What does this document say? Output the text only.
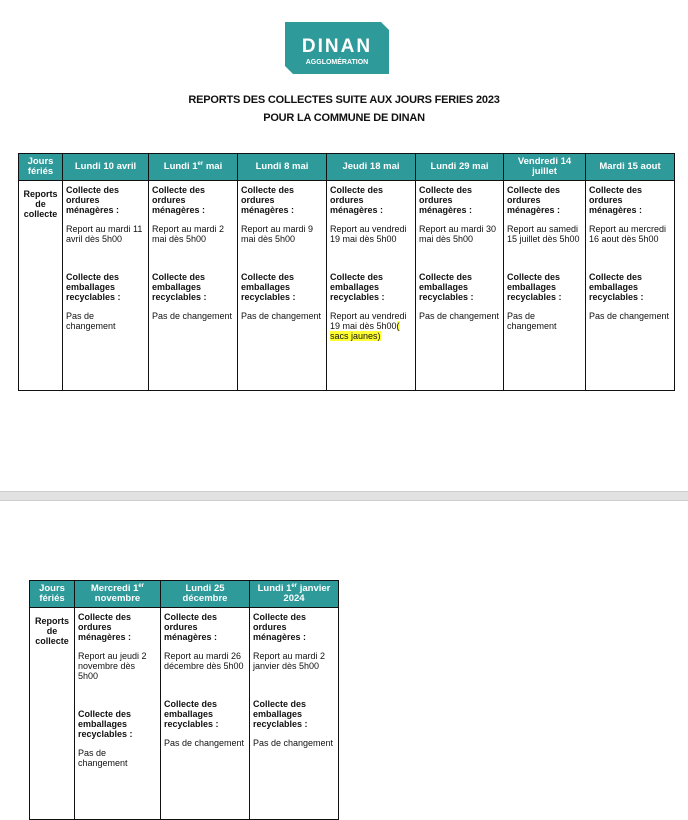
DINAN
AGGLOMÉRATION
REPORTS DES COLLECTES SUITE AUX JOURS FERIES 2023
POUR LA COMMUNE DE DINAN
Jours fériés	Lundi 10 avril	Lundi 1er mai	Lundi 8 mai	Jeudi 18 mai	Lundi 29 mai	Vendredi 14 juillet	Mardi 15 aout
Reports de collecte	Collecte des ordures ménagères :
Report au mardi 11 avril dès 5h00
Collecte des emballages recyclables :
Pas de changement	Collecte des ordures ménagères :
Report au mardi 2 mai dès 5h00
Collecte des emballages recyclables :
Pas de changement	Collecte des ordures ménagères :
Report au mardi 9 mai dès 5h00
Collecte des emballages recyclables :
Pas de changement	Collecte des ordures ménagères :
Report au vendredi 19 mai dès 5h00
Collecte des emballages recyclables :
Report au vendredi 19 mai dès 5h00( sacs jaunes)	Collecte des ordures ménagères :
Report au mardi 30 mai dès 5h00
Collecte des emballages recyclables :
Pas de changement	Collecte des ordures ménagères :
Report au samedi 15 juillet dès 5h00
Collecte des emballages recyclables :
Pas de changement	Collecte des ordures ménagères :
Report au mercredi 16 aout dès 5h00
Collecte des emballages recyclables :
Pas de changement
Jours fériés	Mercredi 1er novembre	Lundi 25 décembre	Lundi 1er janvier 2024
Reports de collecte	Collecte des ordures ménagères :
Report au jeudi 2 novembre dès 5h00
Collecte des emballages recyclables :
Pas de changement	Collecte des ordures ménagères :
Report au mardi 26 décembre dès 5h00
Collecte des emballages recyclables :
Pas de changement	Collecte des ordures ménagères :
Report au mardi 2 janvier dès 5h00
Collecte des emballages recyclables :
Pas de changement
